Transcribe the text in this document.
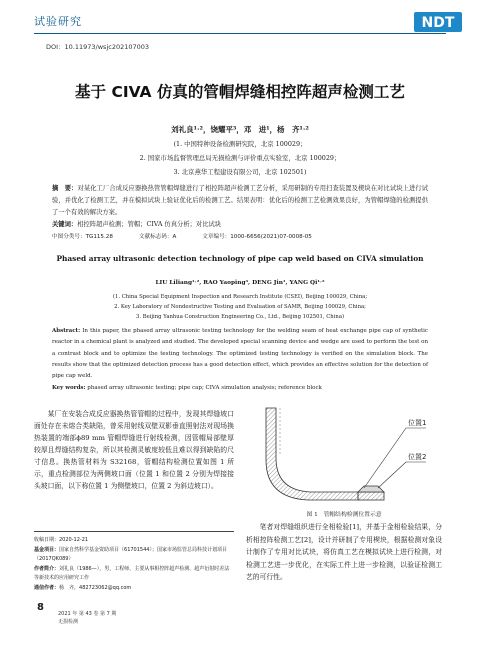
试验研究	NDT
DOI：10.11973/wsjc202107003
基于 CIVA 仿真的管帽焊缝相控阵超声检测工艺
刘礼良¹˒²，饶耀平³，邓　进¹，杨　齐¹˒²
(1. 中国特种设备检测研究院，北京 100029；
2. 国家市场监督管理总局无损检测与评价重点实验室，北京 100029；
3. 北京燕华工程建设有限公司，北京 102501)
摘　要：对某化工厂合成反应器换热管管帽焊缝进行了相控阵超声检测工艺分析，采用研制的专用扫查装置及楔块在对比试块上进行试验，并优化了检测工艺，并在模拟试块上验证优化后的检测工艺。结果表明：优化后的检测工艺检测效果良好，为管帽焊缝的检测提供了一个有效的解决方案。
关键词：相控阵超声检测；管帽；CIVA 仿真分析；对比试块
中图分类号：TG115.28	文献标志码：A	文章编号：1000-6656(2021)07-0008-05
Phased array ultrasonic detection technology of pipe cap weld based on CIVA simulation
LIU Liliang¹˒², RAO Yaoping³, DENG Jin¹, YANG Qi¹˒²
(1. China Special Equipment Inspection and Research Institute (CSEI), Beijing 100029, China;
2. Key Laboratory of Nondestructive Testing and Evaluation of SAMR, Beijing 100029, China;
3. Beijing Yanhua Construction Engineering Co., Ltd., Beijing 102501, China)
Abstract: In this paper, the phased array ultrasonic testing technology for the welding seam of heat exchange pipe cap of synthetic reactor in a chemical plant is analyzed and studied. The developed special scanning device and wedge are used to perform the test on a contrast block and to optimize the testing technology. The optimized testing technology is verified on the simulation block. The results show that the optimized detection process has a good detection effect, which provides an effective solution for the detection of pipe cap weld.
Key words: phased array ultrasonic testing; pipe cap; CIVA simulation analysis; reference block
某厂在安装合成反应器换热管管帽的过程中，发现其焊缝坡口面处存在未熔合类缺陷，曾采用射线双壁双影垂直照射法对现场换热装置的端部ϕ89 mm 管帽焊缝进行射线检测，因管帽局部壁厚较厚且焊缝结构复杂，所以其检测灵敏度较低且难以得到缺陷的尺寸信息。换热管材料为 S32168，管帽结构检测位置如图 1 所示，重点检测部位为两侧坡口面（位置 1 和位置 2 分别为焊接接头坡口面，以下称位置 1 为侧壁坡口，位置 2 为斜边坡口）。
收稿日期：2020-12-21
基金项目：国家自然科学基金资助项目（61701544）；国家市场监管总局科技计划项目（2017QK089）
作者简介：刘礼良（1986—），男，工程师，主要从事相控阵超声检测、超声衍射时差法等新技术的应用研究工作
通信作者：杨　齐，482723062@qq.com
位置1
位置2
图 1　管帽结构检测位置示意
笔者对焊缝组织进行全相检验[1]，并基于金相检验结果，分析相控阵检测工艺[2]，设计并研制了专用楔块，根据检测对象设计制作了专用对比试块，将仿真工艺在模拟试块上进行检测，对检测工艺进一步优化，在实际工件上进一步检测，以验证检测工艺的可行性。
8
2021 年 第 43 卷 第 7 期
无损检测
